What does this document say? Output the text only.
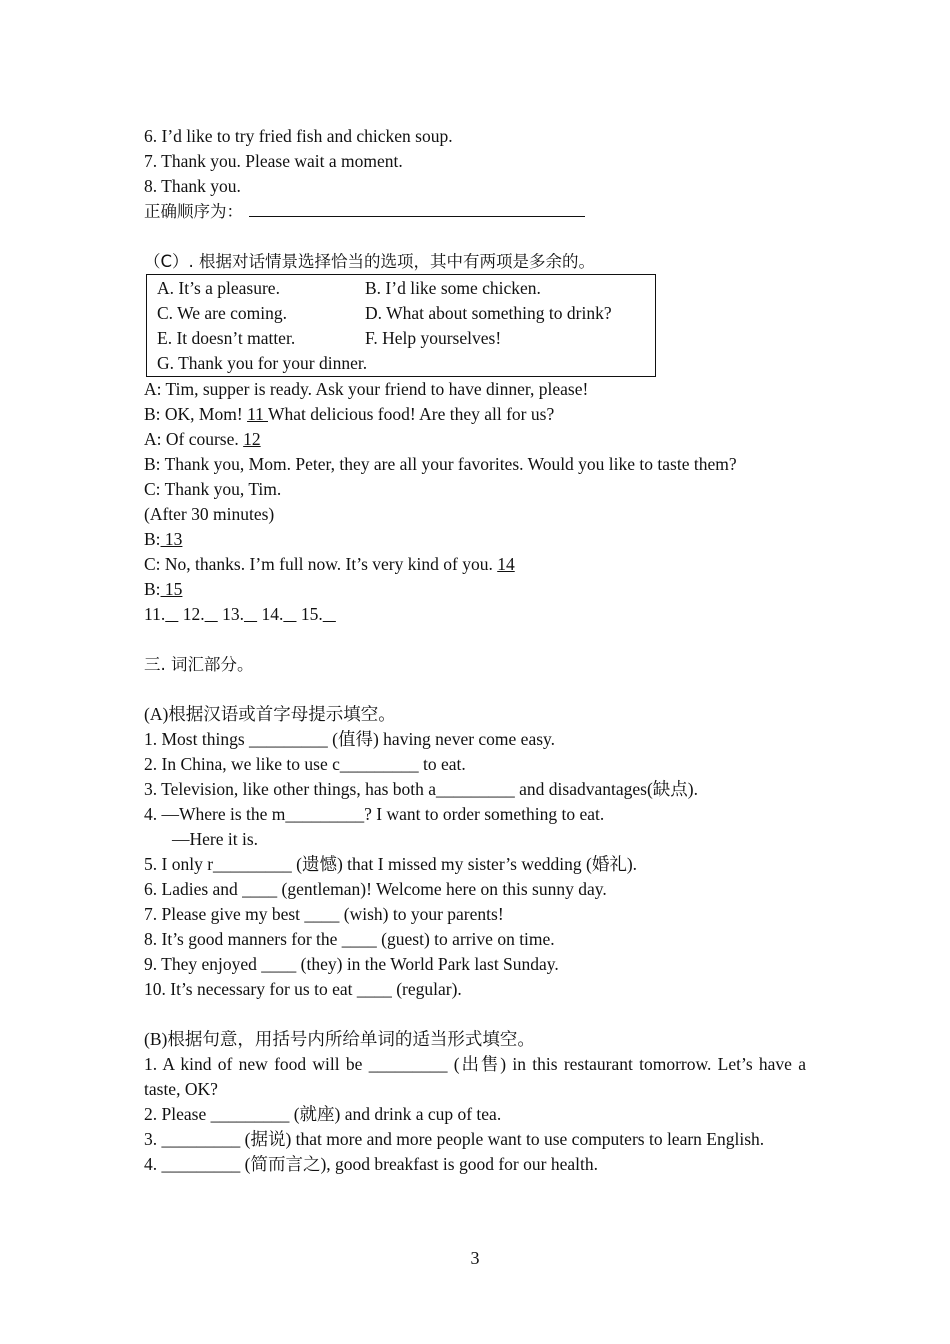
6. I’d like to try fried fish and chicken soup.
7. Thank you. Please wait a moment.
8. Thank you.
正确顺序为：
（C）. 根据对话情景选择恰当的选项，其中有两项是多余的。
A. It’s a pleasure.	B. I’d like some chicken.
C. We are coming.	D. What about something to drink?
E. It doesn’t matter.	F. Help yourselves!
G. Thank you for your dinner.
A: Tim, supper is ready. Ask your friend to have dinner, please!
B: OK, Mom! 11 What delicious food! Are they all for us?
A: Of course. 12
B: Thank you, Mom. Peter, they are all your favorites. Would you like to taste them?
C: Thank you, Tim.
(After 30 minutes)
B: 13
C: No, thanks. I’m full now. It’s very kind of you. 14
B: 15
11. 12. 13. 14. 15.
三. 词汇部分。
(A)根据汉语或首字母提示填空。
1. Most things _________ (值得) having never come easy.
2. In China, we like to use c_________ to eat.
3. Television, like other things, has both a_________ and disadvantages(缺点).
4. —Where is the m_________? I want to order something to eat.
—Here it is.
5. I only r_________ (遗憾) that I missed my sister’s wedding (婚礼).
6. Ladies and ____ (gentleman)! Welcome here on this sunny day.
7. Please give my best ____ (wish) to your parents!
8. It’s good manners for the ____ (guest) to arrive on time.
9. They enjoyed ____ (they) in the World Park last Sunday.
10. It’s necessary for us to eat ____ (regular).
(B)根据句意，用括号内所给单词的适当形式填空。
1. A kind of new food will be _________ (出售) in this restaurant tomorrow. Let’s have a taste, OK?
2. Please _________ (就座) and drink a cup of tea.
3. _________ (据说) that more and more people want to use computers to learn English.
4. _________ (简而言之), good breakfast is good for our health.
3
